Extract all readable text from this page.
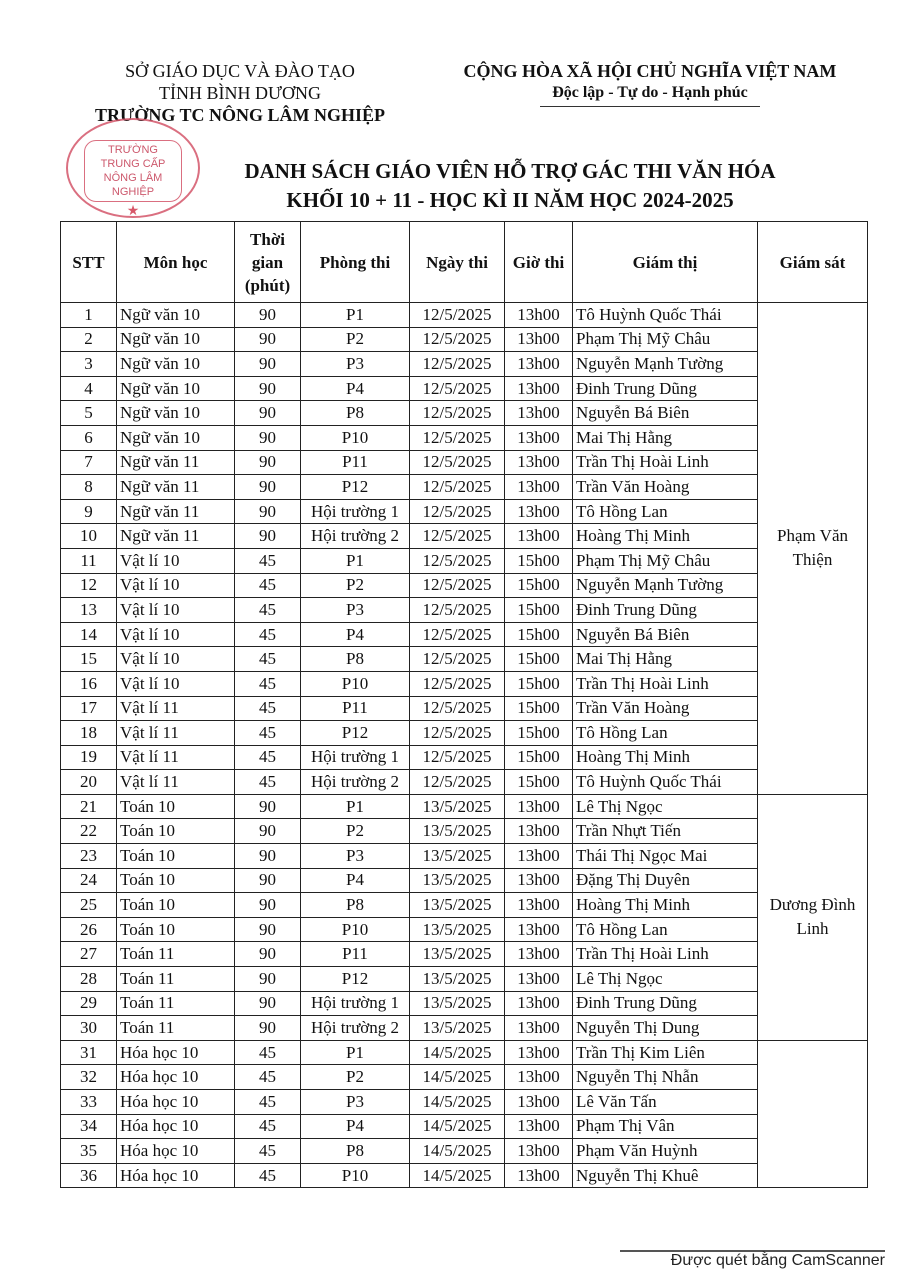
SỞ GIÁO DỤC VÀ ĐÀO TẠO
TỈNH BÌNH DƯƠNG
TRƯỜNG TC NÔNG LÂM NGHIỆP
CỘNG HÒA XÃ HỘI CHỦ NGHĨA VIỆT NAM
Độc lập - Tự do - Hạnh phúc
TRƯỜNG
TRUNG CẤP
NÔNG LÂM NGHIỆP
★
DANH SÁCH GIÁO VIÊN HỖ TRỢ GÁC THI VĂN HÓA
KHỐI 10 + 11 - HỌC KÌ II NĂM HỌC 2024-2025
STT	Môn học	Thời gian (phút)	Phòng thi	Ngày thi	Giờ thi	Giám thị	Giám sát
1	Ngữ văn 10	90	P1	12/5/2025	13h00	Tô Huỳnh Quốc Thái	Phạm Văn Thiện
2	Ngữ văn 10	90	P2	12/5/2025	13h00	Phạm Thị Mỹ Châu	
3	Ngữ văn 10	90	P3	12/5/2025	13h00	Nguyễn Mạnh Tường	
4	Ngữ văn 10	90	P4	12/5/2025	13h00	Đinh Trung Dũng	
5	Ngữ văn 10	90	P8	12/5/2025	13h00	Nguyễn Bá Biên	
6	Ngữ văn 10	90	P10	12/5/2025	13h00	Mai Thị Hằng	
7	Ngữ văn 11	90	P11	12/5/2025	13h00	Trần Thị Hoài Linh	
8	Ngữ văn 11	90	P12	12/5/2025	13h00	Trần Văn Hoàng	
9	Ngữ văn 11	90	Hội trường 1	12/5/2025	13h00	Tô Hồng Lan	
10	Ngữ văn 11	90	Hội trường 2	12/5/2025	13h00	Hoàng Thị Minh	
11	Vật lí 10	45	P1	12/5/2025	15h00	Phạm Thị Mỹ Châu	
12	Vật lí 10	45	P2	12/5/2025	15h00	Nguyễn Mạnh Tường	
13	Vật lí 10	45	P3	12/5/2025	15h00	Đinh Trung Dũng	
14	Vật lí 10	45	P4	12/5/2025	15h00	Nguyễn Bá Biên	
15	Vật lí 10	45	P8	12/5/2025	15h00	Mai Thị Hằng	
16	Vật lí 10	45	P10	12/5/2025	15h00	Trần Thị Hoài Linh	
17	Vật lí 11	45	P11	12/5/2025	15h00	Trần Văn Hoàng	
18	Vật lí 11	45	P12	12/5/2025	15h00	Tô Hồng Lan	
19	Vật lí 11	45	Hội trường 1	12/5/2025	15h00	Hoàng Thị Minh	
20	Vật lí 11	45	Hội trường 2	12/5/2025	15h00	Tô Huỳnh Quốc Thái	
21	Toán 10	90	P1	13/5/2025	13h00	Lê Thị Ngọc	Dương Đình Linh
22	Toán 10	90	P2	13/5/2025	13h00	Trần Nhựt Tiến	
23	Toán 10	90	P3	13/5/2025	13h00	Thái Thị Ngọc Mai	
24	Toán 10	90	P4	13/5/2025	13h00	Đặng Thị Duyên	
25	Toán 10	90	P8	13/5/2025	13h00	Hoàng Thị Minh	
26	Toán 10	90	P10	13/5/2025	13h00	Tô Hồng Lan	
27	Toán 11	90	P11	13/5/2025	13h00	Trần Thị Hoài Linh	
28	Toán 11	90	P12	13/5/2025	13h00	Lê Thị Ngọc	
29	Toán 11	90	Hội trường 1	13/5/2025	13h00	Đinh Trung Dũng	
30	Toán 11	90	Hội trường 2	13/5/2025	13h00	Nguyễn Thị Dung	
31	Hóa học 10	45	P1	14/5/2025	13h00	Trần Thị Kim Liên	
32	Hóa học 10	45	P2	14/5/2025	13h00	Nguyễn Thị Nhẫn	
33	Hóa học 10	45	P3	14/5/2025	13h00	Lê Văn Tấn	
34	Hóa học 10	45	P4	14/5/2025	13h00	Phạm Thị Vân	
35	Hóa học 10	45	P8	14/5/2025	13h00	Phạm Văn Huỳnh	
36	Hóa học 10	45	P10	14/5/2025	13h00	Nguyễn Thị Khuê	
Được quét bằng CamScanner
